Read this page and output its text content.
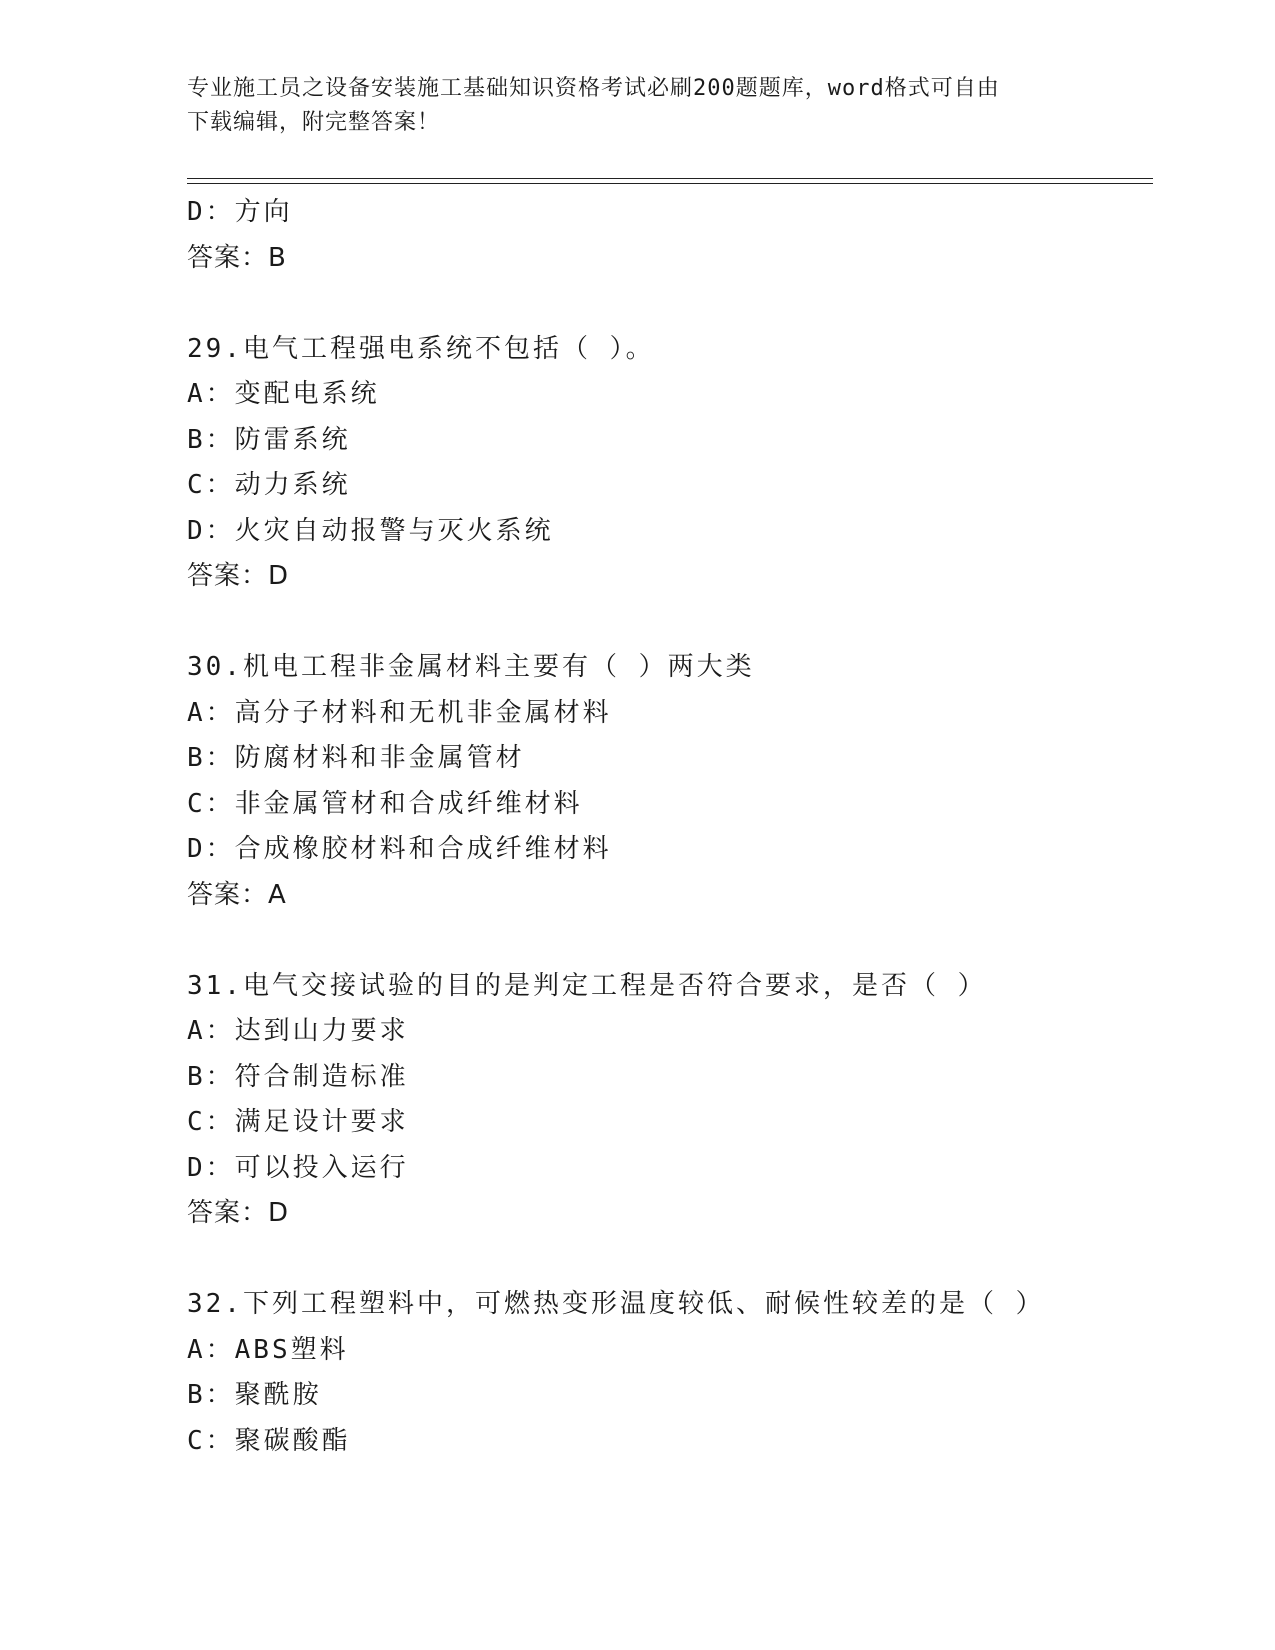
专业施工员之设备安装施工基础知识资格考试必刷200题题库，word格式可自由
下载编辑，附完整答案！
D：方向
答案：B
29.电气工程强电系统不包括（ ）。
A：变配电系统
B：防雷系统
C：动力系统
D：火灾自动报警与灭火系统
答案：D
30.机电工程非金属材料主要有（ ）两大类
A：高分子材料和无机非金属材料
B：防腐材料和非金属管材
C：非金属管材和合成纤维材料
D：合成橡胶材料和合成纤维材料
答案：A
31.电气交接试验的目的是判定工程是否符合要求，是否（ ）
A：达到山力要求
B：符合制造标准
C：满足设计要求
D：可以投入运行
答案：D
32.下列工程塑料中，可燃热变形温度较低、耐候性较差的是（ ）
A：ABS塑料
B：聚酰胺
C：聚碳酸酯
